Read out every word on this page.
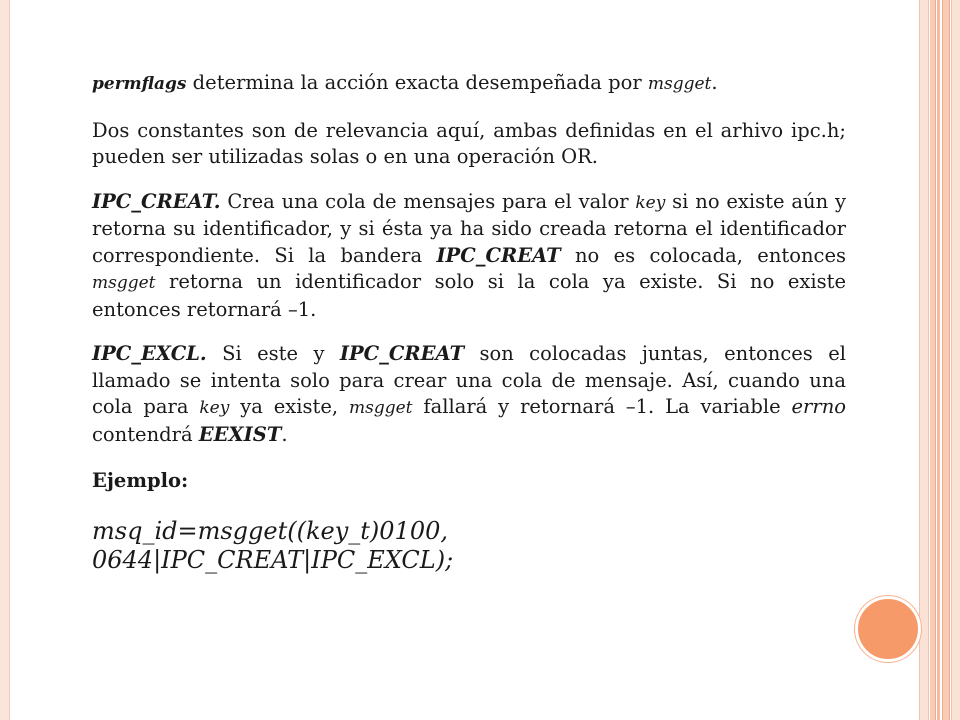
permflags determina la acción exacta desempeñada por msgget.

Dos constantes son de relevancia aquí, ambas definidas en el arhivo ipc.h; pueden ser utilizadas solas o en una operación OR.

IPC_CREAT. Crea una cola de mensajes para el valor key si no existe aún y retorna su identificador, y si ésta ya ha sido creada retorna el identificador correspondiente. Si la bandera IPC_CREAT no es colocada, entonces msgget retorna un identificador solo si la cola ya existe. Si no existe entonces retornará –1.

IPC_EXCL. Si este y IPC_CREAT son colocadas juntas, entonces el llamado se intenta solo para crear una cola de mensaje. Así, cuando una cola para key ya existe, msgget fallará y retornará –1. La variable errno contendrá EEXIST.

Ejemplo:

msq_id=msgget((key_t)0100,
0644|IPC_CREAT|IPC_EXCL);
